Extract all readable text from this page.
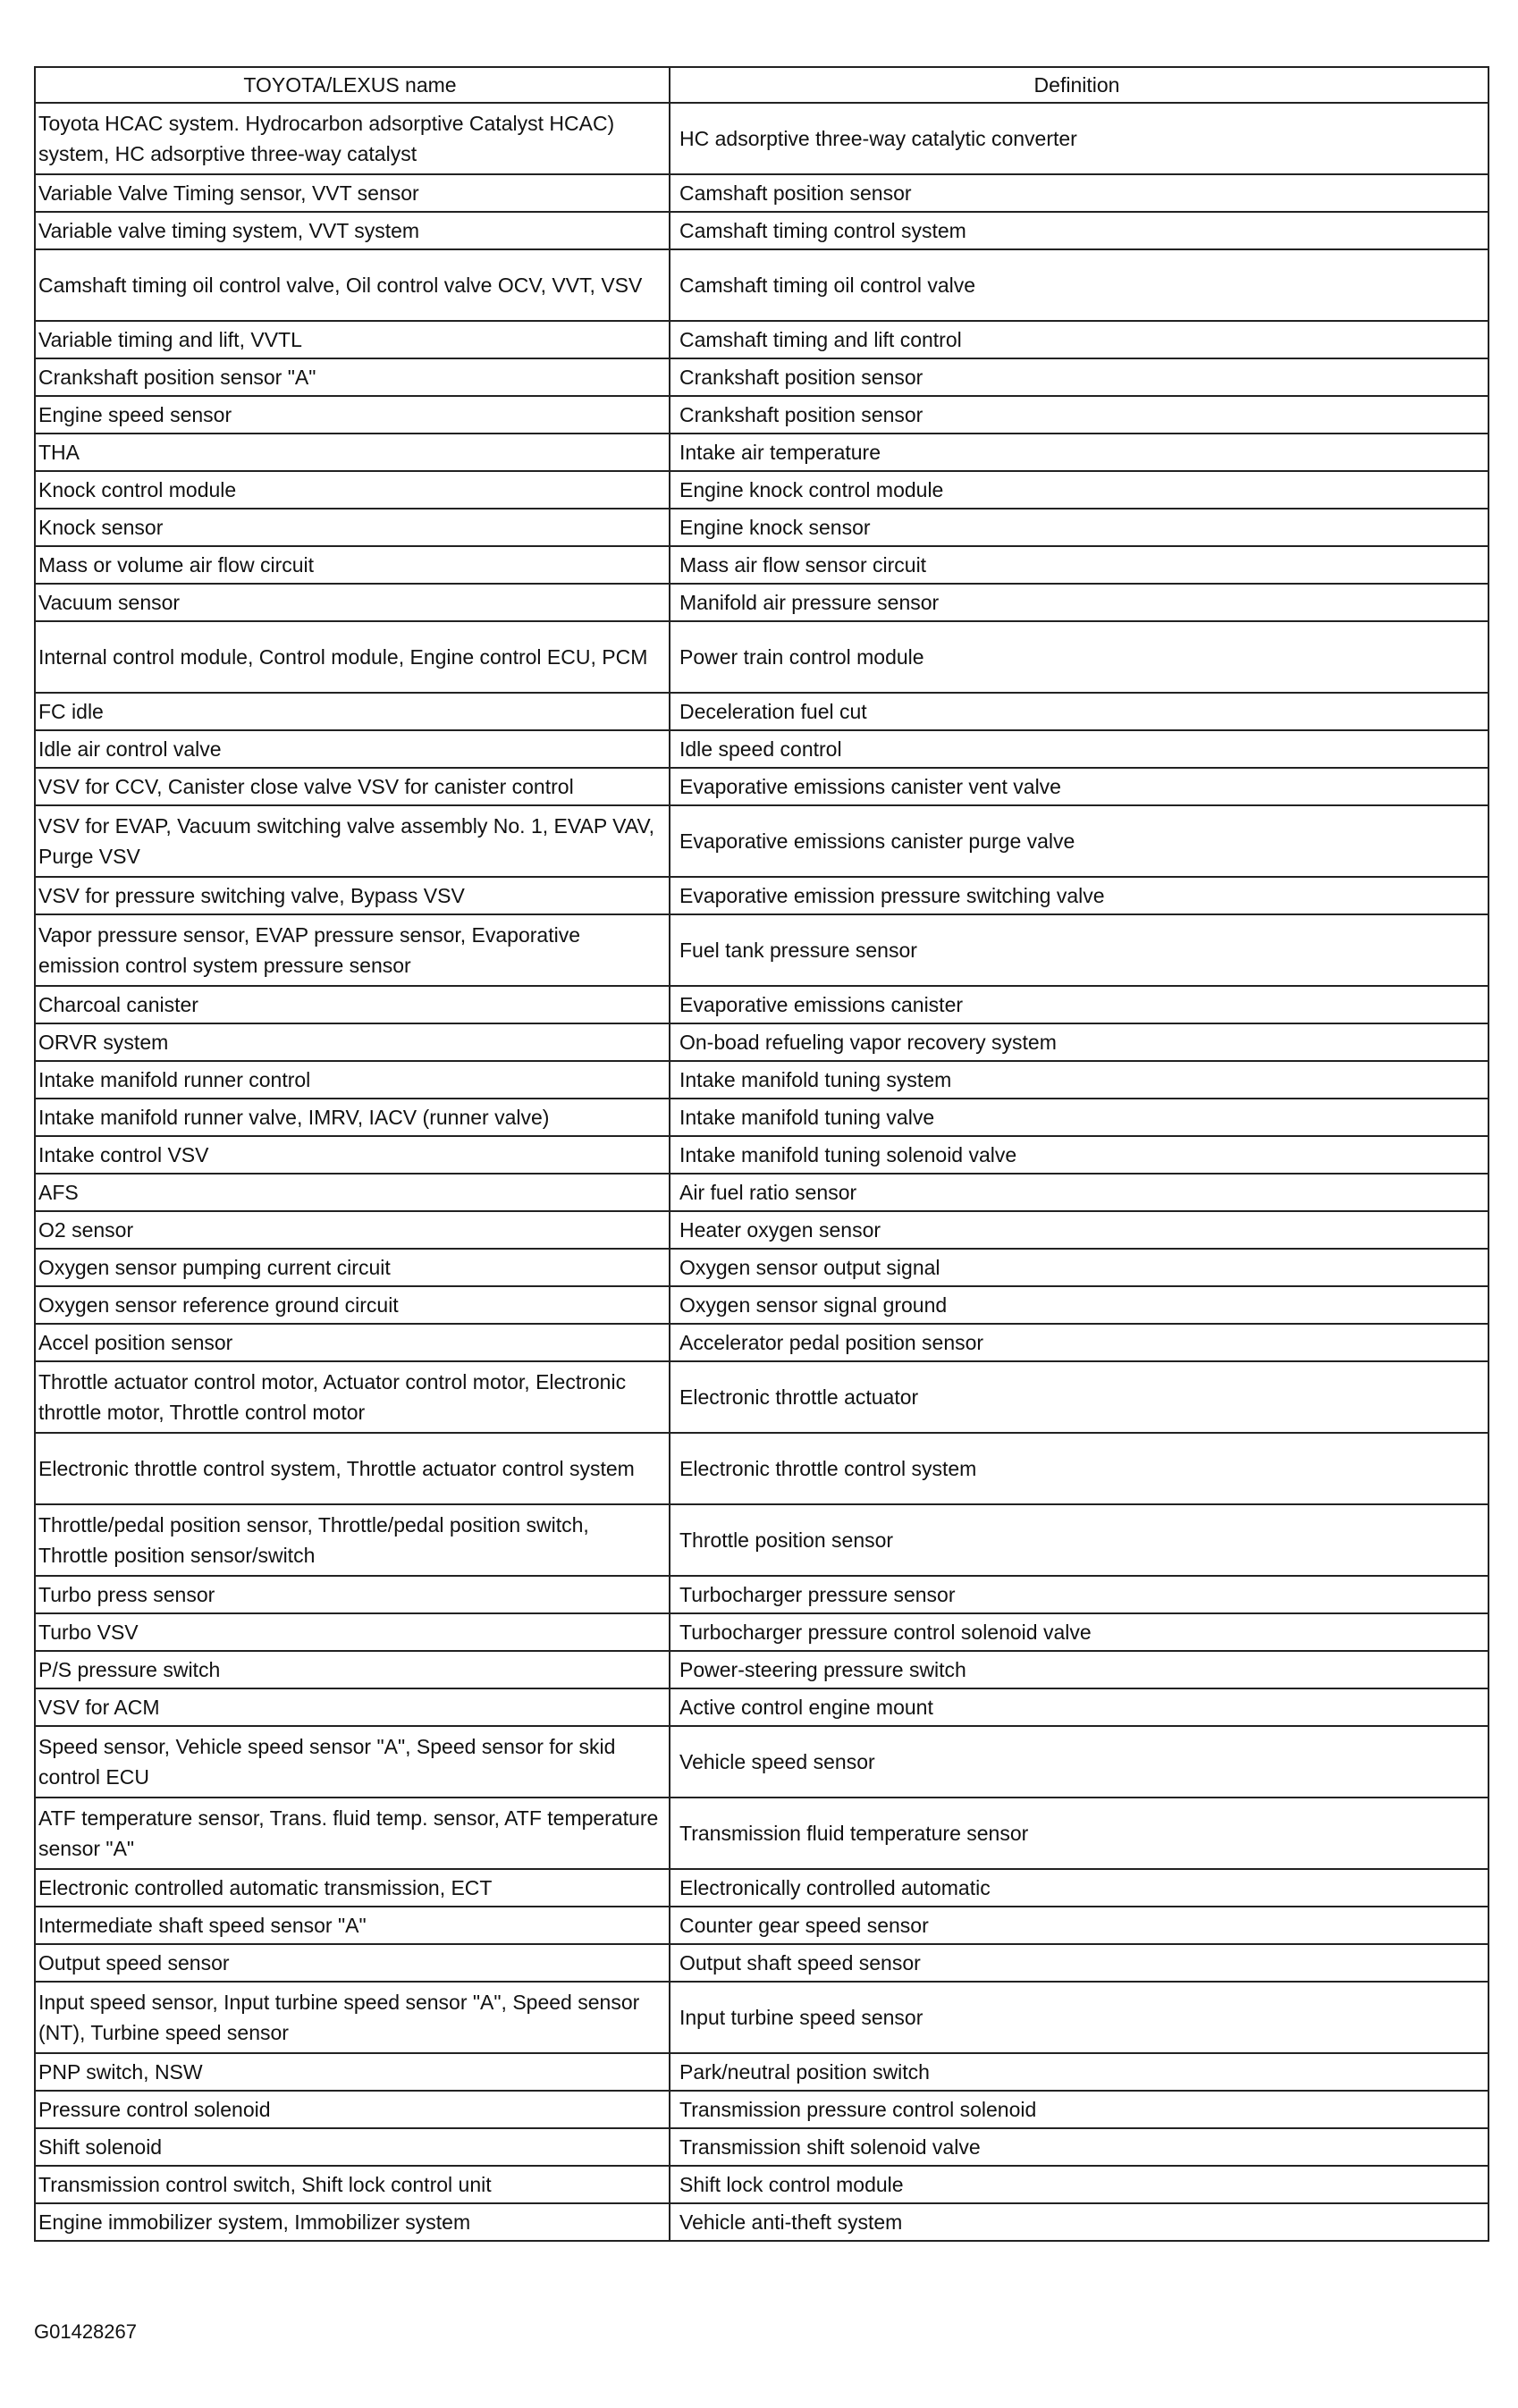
TOYOTA/LEXUS name	Definition
Toyota HCAC system. Hydrocarbon adsorptive Catalyst HCAC) system, HC adsorptive three-way catalyst	HC adsorptive three-way catalytic converter
Variable Valve Timing sensor, VVT sensor	Camshaft position sensor
Variable valve timing system, VVT system	Camshaft timing control system
Camshaft timing oil control valve, Oil control valve OCV, VVT, VSV	Camshaft timing oil control valve
Variable timing and lift, VVTL	Camshaft timing and lift control
Crankshaft position sensor "A"	Crankshaft position sensor
Engine speed sensor	Crankshaft position sensor
THA	Intake air temperature
Knock control module	Engine knock control module
Knock sensor	Engine knock sensor
Mass or volume air flow circuit	Mass air flow sensor circuit
Vacuum sensor	Manifold air pressure sensor
Internal control module, Control module, Engine control ECU, PCM	Power train control module
FC idle	Deceleration fuel cut
Idle air control valve	Idle speed control
VSV for CCV, Canister close valve VSV for canister control	Evaporative emissions canister vent valve
VSV for EVAP, Vacuum switching valve assembly No. 1, EVAP VAV, Purge VSV	Evaporative emissions canister purge valve
VSV for pressure switching valve, Bypass VSV	Evaporative emission pressure switching valve
Vapor pressure sensor, EVAP pressure sensor, Evaporative emission control system pressure sensor	Fuel tank pressure sensor
Charcoal canister	Evaporative emissions canister
ORVR system	On-boad refueling vapor recovery system
Intake manifold runner control	Intake manifold tuning system
Intake manifold runner valve, IMRV, IACV (runner valve)	Intake manifold tuning valve
Intake control VSV	Intake manifold tuning solenoid valve
AFS	Air fuel ratio sensor
O2 sensor	Heater oxygen sensor
Oxygen sensor pumping current circuit	Oxygen sensor output signal
Oxygen sensor reference ground circuit	Oxygen sensor signal ground
Accel position sensor	Accelerator pedal position sensor
Throttle actuator control motor, Actuator control motor, Electronic throttle motor, Throttle control motor	Electronic throttle actuator
Electronic throttle control system, Throttle actuator control system	Electronic throttle control system
Throttle/pedal position sensor, Throttle/pedal position switch, Throttle position sensor/switch	Throttle position sensor
Turbo press sensor	Turbocharger pressure sensor
Turbo VSV	Turbocharger pressure control solenoid valve
P/S pressure switch	Power-steering pressure switch
VSV for ACM	Active control engine mount
Speed sensor, Vehicle speed sensor "A", Speed sensor for skid control ECU	Vehicle speed sensor
ATF temperature sensor, Trans. fluid temp. sensor, ATF temperature sensor "A"	Transmission fluid temperature sensor
Electronic controlled automatic transmission, ECT	Electronically controlled automatic
Intermediate shaft speed sensor "A"	Counter gear speed sensor
Output speed sensor	Output shaft speed sensor
Input speed sensor, Input turbine speed sensor "A", Speed sensor (NT), Turbine speed sensor	Input turbine speed sensor
PNP switch, NSW	Park/neutral position switch
Pressure control solenoid	Transmission pressure control solenoid
Shift solenoid	Transmission shift solenoid valve
Transmission control switch, Shift lock control unit	Shift lock control module
Engine immobilizer system, Immobilizer system	Vehicle anti-theft system
G01428267
